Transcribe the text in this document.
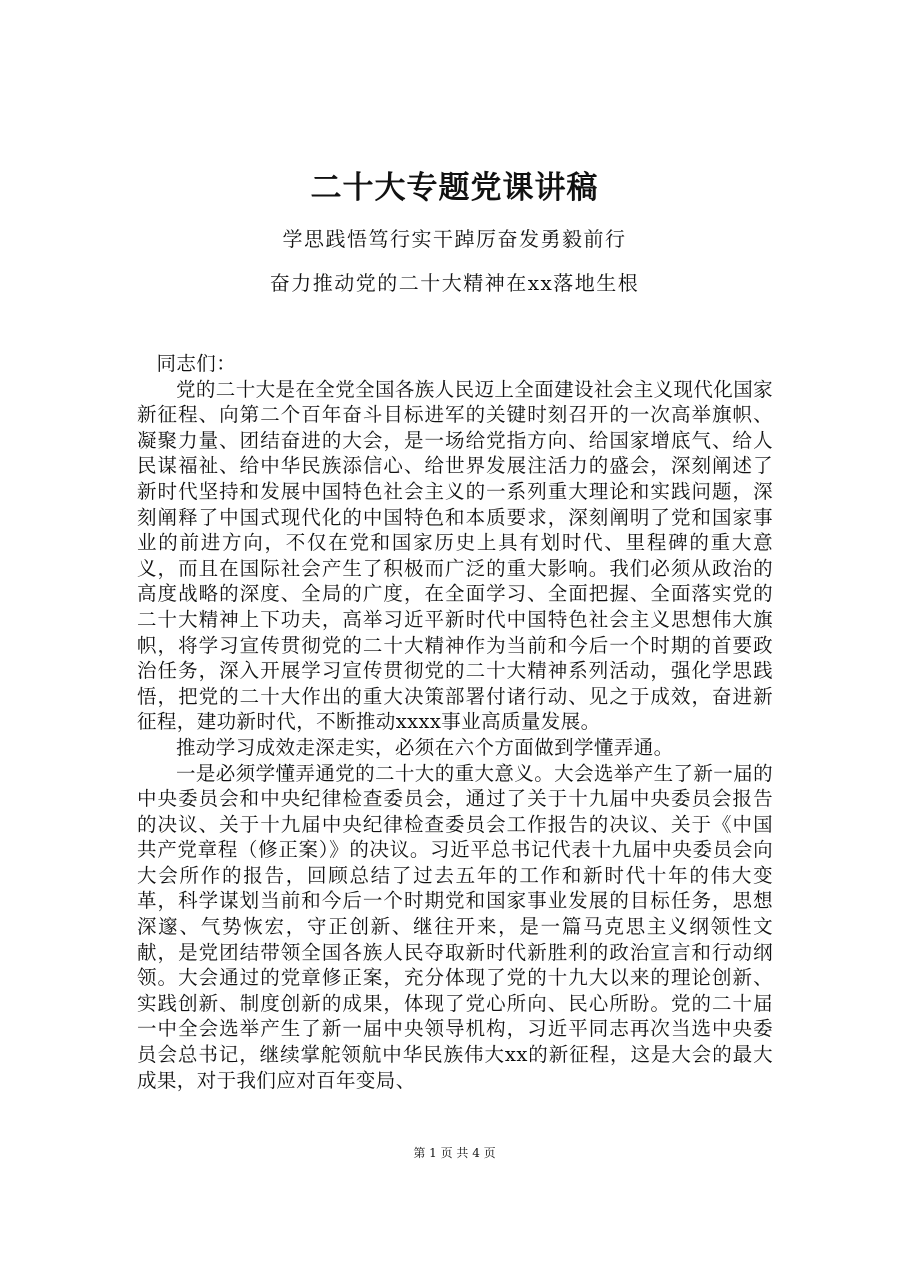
二十大专题党课讲稿
学思践悟笃行实干踔厉奋发勇毅前行
奋力推动党的二十大精神在xx落地生根

同志们：

党的二十大是在全党全国各族人民迈上全面建设社会主义现代化国家新征程、向第二个百年奋斗目标进军的关键时刻召开的一次高举旗帜、凝聚力量、团结奋进的大会，是一场给党指方向、给国家增底气、给人民谋福祉、给中华民族添信心、给世界发展注活力的盛会，深刻阐述了新时代坚持和发展中国特色社会主义的一系列重大理论和实践问题，深刻阐释了中国式现代化的中国特色和本质要求，深刻阐明了党和国家事业的前进方向，不仅在党和国家历史上具有划时代、里程碑的重大意义，而且在国际社会产生了积极而广泛的重大影响。我们必须从政治的高度战略的深度、全局的广度，在全面学习、全面把握、全面落实党的二十大精神上下功夫，高举习近平新时代中国特色社会主义思想伟大旗帜，将学习宣传贯彻党的二十大精神作为当前和今后一个时期的首要政治任务，深入开展学习宣传贯彻党的二十大精神系列活动，强化学思践悟，把党的二十大作出的重大决策部署付诸行动、见之于成效，奋进新征程，建功新时代，不断推动xxxx事业高质量发展。

推动学习成效走深走实，必须在六个方面做到学懂弄通。

一是必须学懂弄通党的二十大的重大意义。大会选举产生了新一届的中央委员会和中央纪律检查委员会，通过了关于十九届中央委员会报告的决议、关于十九届中央纪律检查委员会工作报告的决议、关于《中国共产党章程（修正案）》的决议。习近平总书记代表十九届中央委员会向大会所作的报告，回顾总结了过去五年的工作和新时代十年的伟大变革，科学谋划当前和今后一个时期党和国家事业发展的目标任务，思想深邃、气势恢宏，守正创新、继往开来，是一篇马克思主义纲领性文献，是党团结带领全国各族人民夺取新时代新胜利的政治宣言和行动纲领。大会通过的党章修正案，充分体现了党的十九大以来的理论创新、实践创新、制度创新的成果，体现了党心所向、民心所盼。党的二十届一中全会选举产生了新一届中央领导机构，习近平同志再次当选中央委员会总书记，继续掌舵领航中华民族伟大xx的新征程，这是大会的最大成果，对于我们应对百年变局、

第 1 页 共 4 页
